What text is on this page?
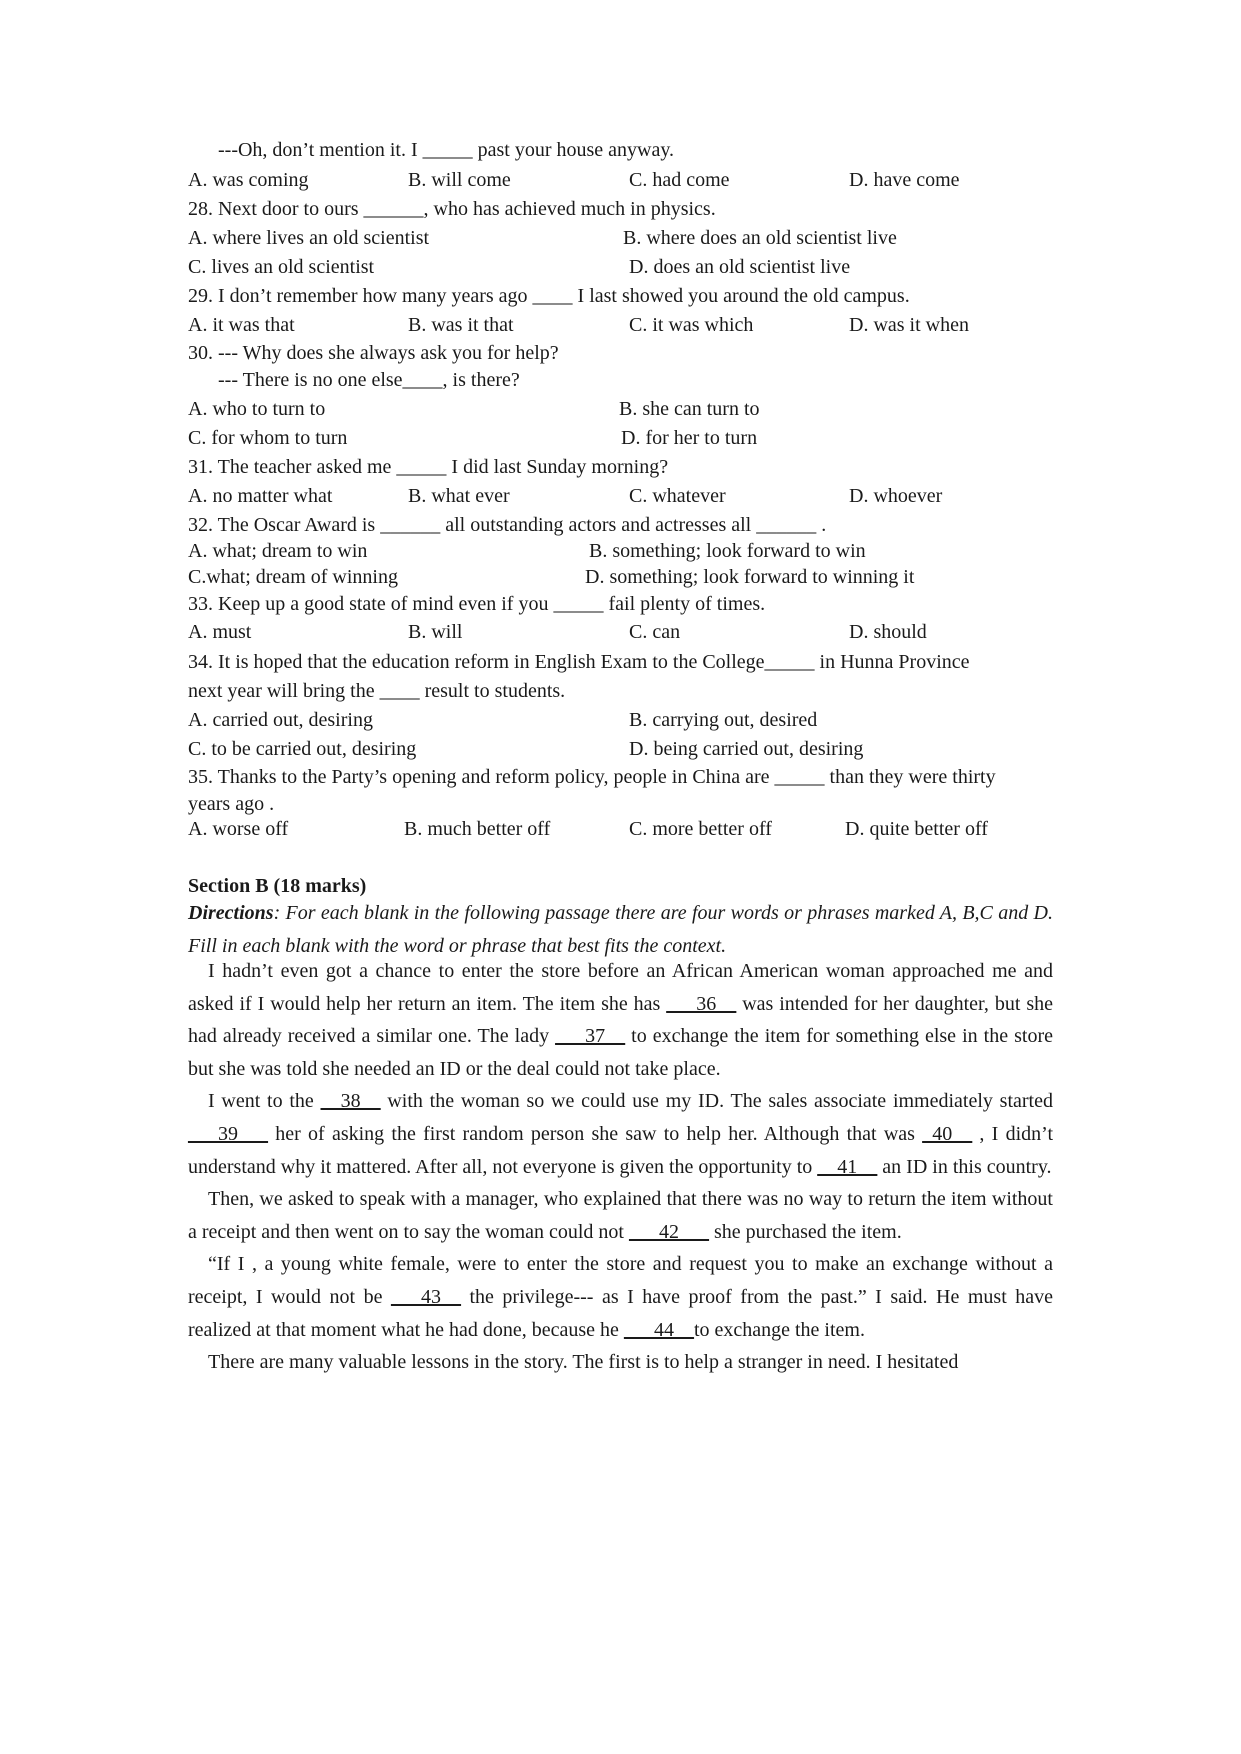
---Oh, don’t mention it. I _____ past your house anyway.
A. was coming	B. will come	C. had come	D. have come
28. Next door to ours ______, who has achieved much in physics.
A. where lives an old scientist	B. where does an old scientist live
C. lives an old scientist	D. does an old scientist live
29. I don’t remember how many years ago ____ I last showed you around the old campus.
A. it was that	B. was it that	C. it was which	D. was it when
30. --- Why does she always ask you for help?
--- There is no one else____, is there?
A. who to turn to	B. she can turn to
C. for whom to turn	D. for her to turn
31. The teacher asked me _____ I did last Sunday morning?
A. no matter what	B. what ever	C. whatever	D. whoever
32. The Oscar Award is ______ all outstanding actors and actresses all ______ .
A. what; dream to win	B. something; look forward to win
C.what; dream of winning	D. something; look forward to winning it
33. Keep up a good state of mind even if you _____ fail plenty of times.
A. must	B. will	C. can	D. should
34. It is hoped that the education reform in English Exam to the College_____ in Hunna Province
next year will bring the ____ result to students.
A. carried out, desiring	B. carrying out, desired
C. to be carried out, desiring	D. being carried out, desiring
35. Thanks to the Party’s opening and reform policy, people in China are _____ than they were thirty
years ago .
A. worse off	B. much better off	C. more better off	D. quite better off
Section B (18 marks)
Directions: For each blank in the following passage there are four words or phrases marked A, B,C and D. Fill in each blank with the word or phrase that best fits the context.
I hadn’t even got a chance to enter the store before an African American woman approached me and asked if I would help her return an item. The item she has ___36__ was intended for her daughter, but she had already received a similar one. The lady ___37__ to exchange the item for something else in the store but she was told she needed an ID or the deal could not take place.
I went to the __38__ with the woman so we could use my ID. The sales associate immediately started ___39___ her of asking the first random person she saw to help her. Although that was _40__ , I didn’t understand why it mattered. After all, not everyone is given the opportunity to __41__ an ID in this country.
Then, we asked to speak with a manager, who explained that there was no way to return the item without a receipt and then went on to say the woman could not ___42___ she purchased the item.
“If I , a young white female, were to enter the store and request you to make an exchange without a receipt, I would not be ___43__ the privilege--- as I have proof from the past.” I said. He must have realized at that moment what he had done, because he ___44__to exchange the item.
There are many valuable lessons in the story. The first is to help a stranger in need. I hesitated
